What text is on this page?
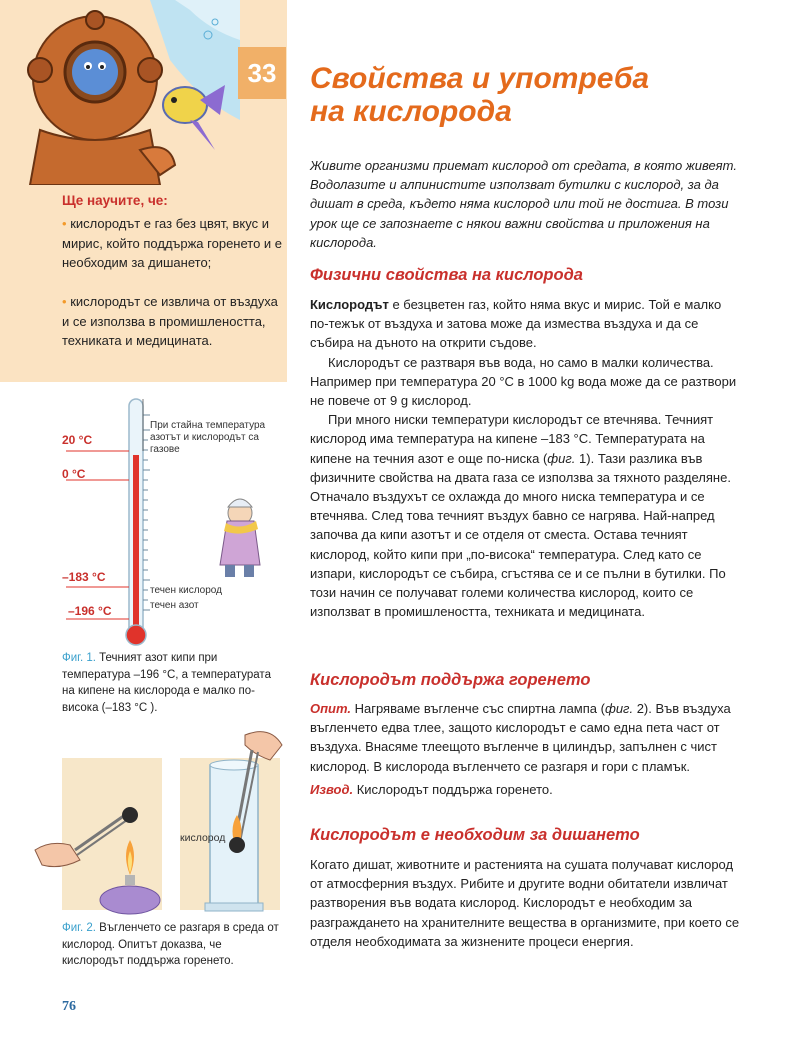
33	Свойства и употреба
на кислорода
Ще научите, че:
• кислородът е газ без цвят, вкус и мирис, който поддържа горенето и е необходим за дишането;
• кислородът се извлича от въздуха и се използва в промишлеността, техниката и медицината.

Живите организми приемат кислород от средата, в която живеят. Водолазите и алпинистите използват бутилки с кислород, за да дишат в среда, където няма кислород или той не достига. В този урок ще се запознаете с някои важни свойства и приложения на кислорода.

Физични свойства на кислорода

Кислородът е безцветен газ, който няма вкус и мирис. Той е малко по-тежък от въздуха и затова може да измества въздуха и да се събира на дъното на открити съдове.

Кислородът се разтваря във вода, но само в малки количества. Например при температура 20 °С в 1000 kg вода може да се разтвори не повече от 9 g кислород.

При много ниски температури кислородът се втечнява. Течният кислород има температура на кипене –183 °С. Температурата на кипене на течния азот е още по-ниска (фиг. 1). Тази разлика във физичните свойства на двата газа се използва за тяхното разделяне. Отначало въздухът се охлажда до много ниска температура и се втечнява. След това течният въздух бавно се нагрява. Най-напред започва да кипи азотът и се отделя от сместа. Остава течният кислород, който кипи при „по-висока“ температура. След като се изпари, кислородът се събира, сгъстява се и се пълни в бутилки. По този начин се получават големи количества кислород, които се използват в промишлеността, техниката и медицината.

Кислородът поддържа горенето

Опит. Нагряваме въгленче със спиртна лампа (фиг. 2). Във въздуха въгленчето едва тлее, защото кислородът е само една пета част от въздуха. Внасяме тлеещото въгленче в цилиндър, запълнен с чист кислород. В кислорода въгленчето се разгаря и гори с пламък.

Извод. Кислородът поддържа горенето.

Кислородът е необходим за дишането

Когато дишат, животните и растенията на сушата получават кислород от атмосферния въздух. Рибите и другите водни обитатели извличат разтворения във водата кислород. Кислородът е необходим за разграждането на хранителните вещества в организмите, при което се отделя необходимата за жизнените процеси енергия.

20 °C
0 °C
–183 °C
–196 °C
При стайна температура азотът и кислородът са газове
течен кислород
течен азот
Фиг. 1. Течният азот кипи при температура –196 °С, а температурата на кипене на кислорода е малко по-висока (–183 °С ).
кислород
Фиг. 2. Въгленчето се разгаря в среда от кислород. Опитът доказва, че кислородът поддържа горенето.
76
